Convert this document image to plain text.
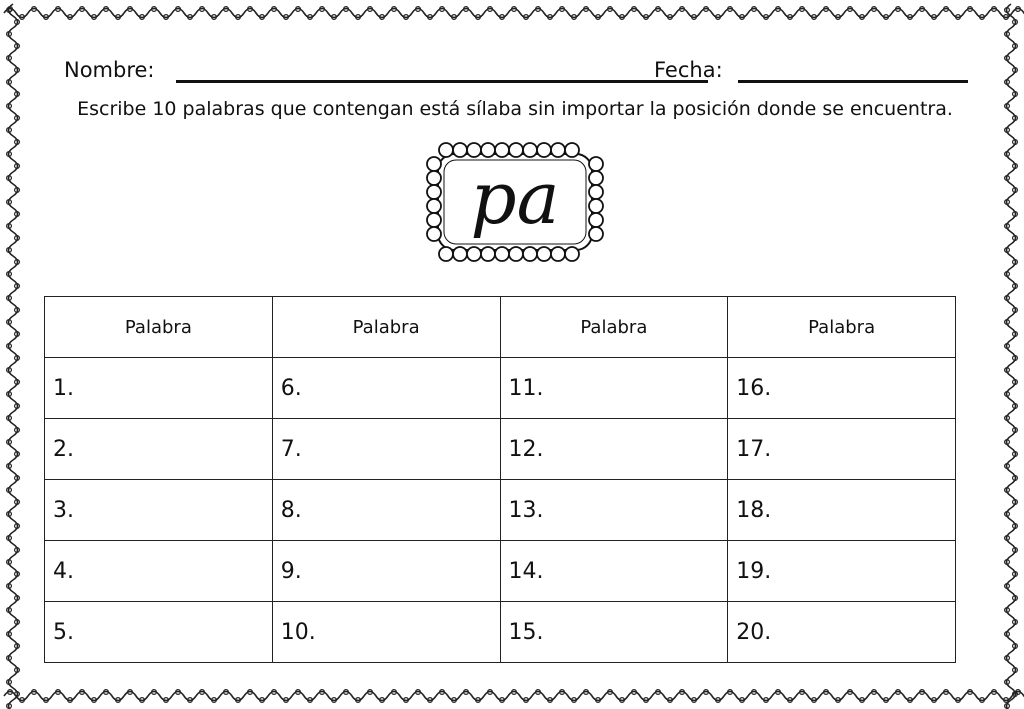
Nombre:	Fecha:
Escribe 10 palabras que contengan está sílaba sin importar la posición donde se encuentra.
pa
Palabra	Palabra	Palabra	Palabra
1.	6.	11.	16.
2.	7.	12.	17.
3.	8.	13.	18.
4.	9.	14.	19.
5.	10.	15.	20.
